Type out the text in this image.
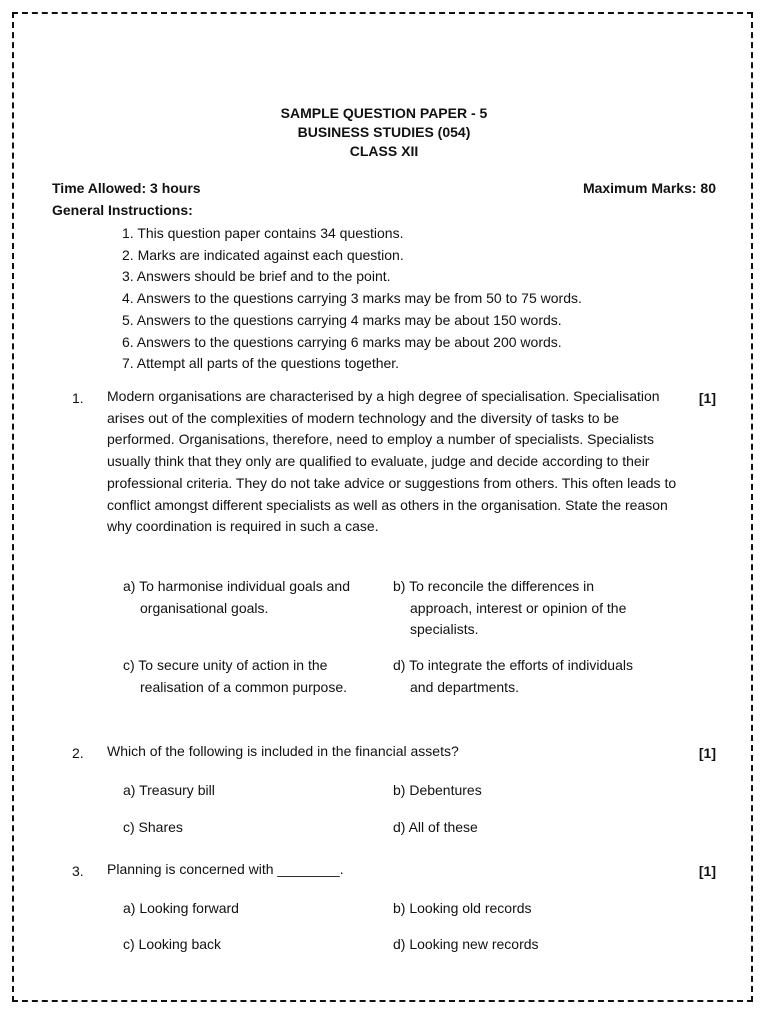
SAMPLE QUESTION PAPER - 5
BUSINESS STUDIES (054)
CLASS XII
Time Allowed: 3 hours	Maximum Marks: 80
General Instructions:
1. This question paper contains 34 questions.
2. Marks are indicated against each question.
3. Answers should be brief and to the point.
4. Answers to the questions carrying 3 marks may be from 50 to 75 words.
5. Answers to the questions carrying 4 marks may be about 150 words.
6. Answers to the questions carrying 6 marks may be about 200 words.
7. Attempt all parts of the questions together.
1. Modern organisations are characterised by a high degree of specialisation. Specialisation arises out of the complexities of modern technology and the diversity of tasks to be performed. Organisations, therefore, need to employ a number of specialists. Specialists usually think that they only are qualified to evaluate, judge and decide according to their professional criteria. They do not take advice or suggestions from others. This often leads to conflict amongst different specialists as well as others in the organisation. State the reason why coordination is required in such a case.
[1]
a) To harmonise individual goals and organisational goals.
b) To reconcile the differences in approach, interest or opinion of the specialists.
c) To secure unity of action in the realisation of a common purpose.
d) To integrate the efforts of individuals and departments.
2. Which of the following is included in the financial assets?	[1]
a) Treasury bill	b) Debentures
c) Shares	d) All of these
3. Planning is concerned with ________.	[1]
a) Looking forward	b) Looking old records
c) Looking back	d) Looking new records
